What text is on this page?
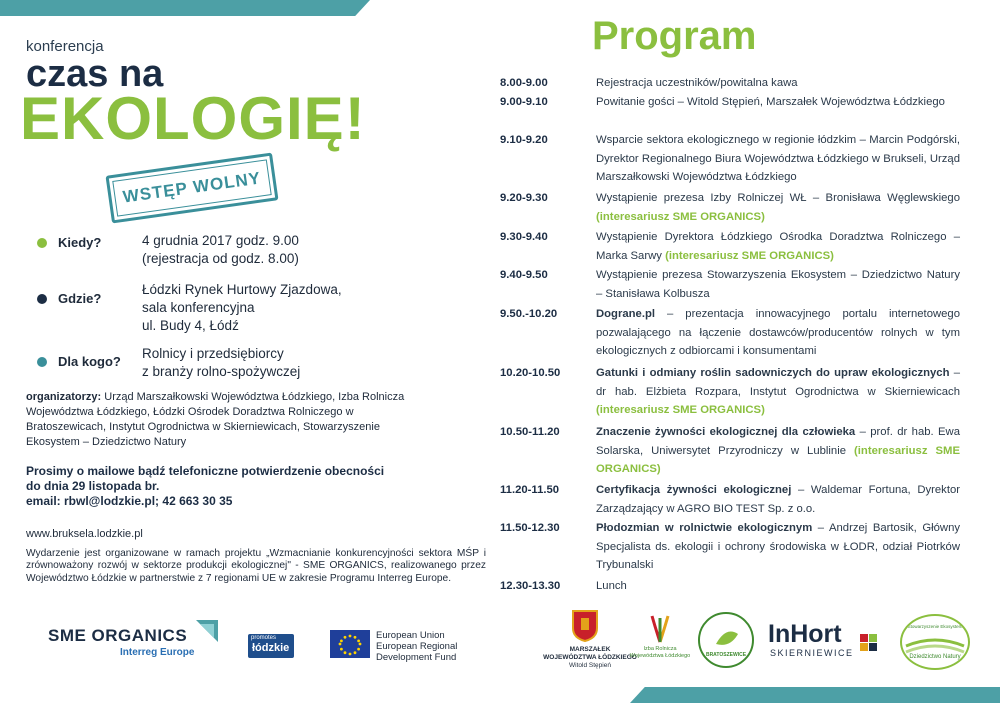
konferencja
czas na
EKOLOGIĘ!
WSTĘP WOLNY
Kiedy?	4 grudnia 2017 godz. 9.00
(rejestracja od godz. 8.00)
Gdzie?
Łódzki Rynek Hurtowy Zjazdowa,
sala konferencyjna
ul. Budy 4, Łódź
Dla kogo?
Rolnicy i przedsiębiorcy
z branży rolno-spożywczej
organizatorzy: Urząd Marszałkowski Województwa Łódzkiego, Izba Rolnicza Województwa Łódzkiego, Łódzki Ośrodek Doradztwa Rolniczego w Bratoszewicach, Instytut Ogrodnictwa w Skierniewicach, Stowarzyszenie Ekosystem – Dziedzictwo Natury
Prosimy o mailowe bądź telefoniczne potwierdzenie obecności
do dnia 29 listopada br.
email: rbwl@lodzkie.pl; 42 663 30 35
www.bruksela.lodzkie.pl
Wydarzenie jest organizowane w ramach projektu „Wzmacnianie konkurencyjności sektora MŚP i zrównoważony rozwój w sektorze produkcji ekologicznej" - SME ORGANICS, realizowanego przez Województwo Łódzkie w partnerstwie z 7 regionami UE w zakresie Programu Interreg Europe.
SME ORGANICS
Interreg Europe
promotes
łódzkie
European Union
European Regional
Development Fund
Program
8.00-9.00	Rejestracja uczestników/powitalna kawa
9.00-9.10	Powitanie gości – Witold Stępień, Marszałek Województwa Łódzkiego
9.10-9.20	Wsparcie sektora ekologicznego w regionie łódzkim – Marcin Podgórski, Dyrektor Regionalnego Biura Województwa Łódzkiego w Brukseli, Urząd Marszałkowski Województwa Łódzkiego
9.20-9.30	Wystąpienie prezesa Izby Rolniczej WŁ – Bronisława Węglewskiego (interesariusz SME ORGANICS)
9.30-9.40	Wystąpienie Dyrektora Łódzkiego Ośrodka Doradztwa Rolniczego – Marka Sarwy (interesariusz SME ORGANICS)
9.40-9.50	Wystąpienie prezesa Stowarzyszenia Ekosystem – Dziedzictwo Natury – Stanisława Kolbusza
9.50.-10.20	Dograne.pl – prezentacja innowacyjnego portalu internetowego pozwalającego na łączenie dostawców/producentów rolnych w tym ekologicznych z odbiorcami i konsumentami
10.20-10.50	Gatunki i odmiany roślin sadowniczych do upraw ekologicznych – dr hab. Elżbieta Rozpara, Instytut Ogrodnictwa w Skierniewicach (interesariusz SME ORGANICS)
10.50-11.20	Znaczenie żywności ekologicznej dla człowieka – prof. dr hab. Ewa Solarska, Uniwersytet Przyrodniczy w Lublinie (interesariusz SME ORGANICS)
11.20-11.50	Certyfikacja żywności ekologicznej – Waldemar Fortuna, Dyrektor Zarządzający w AGRO BIO TEST Sp. z o.o.
11.50-12.30	Płodozmian w rolnictwie ekologicznym – Andrzej Bartosik, Główny Specjalista ds. ekologii i ochrony środowiska w ŁODR, odział Piotrków Trybunalski
12.30-13.30	Lunch
MARSZAŁEK
WOJEWÓDZTWA ŁÓDZKIEGO
Witold Stępień
Izba Rolnicza
Województwa Łódzkiego	BRATOSZEWICE
InHort
SKIERNIEWICE
Stowarzyszenie Ekosystem
Dziedzictwo Natury
